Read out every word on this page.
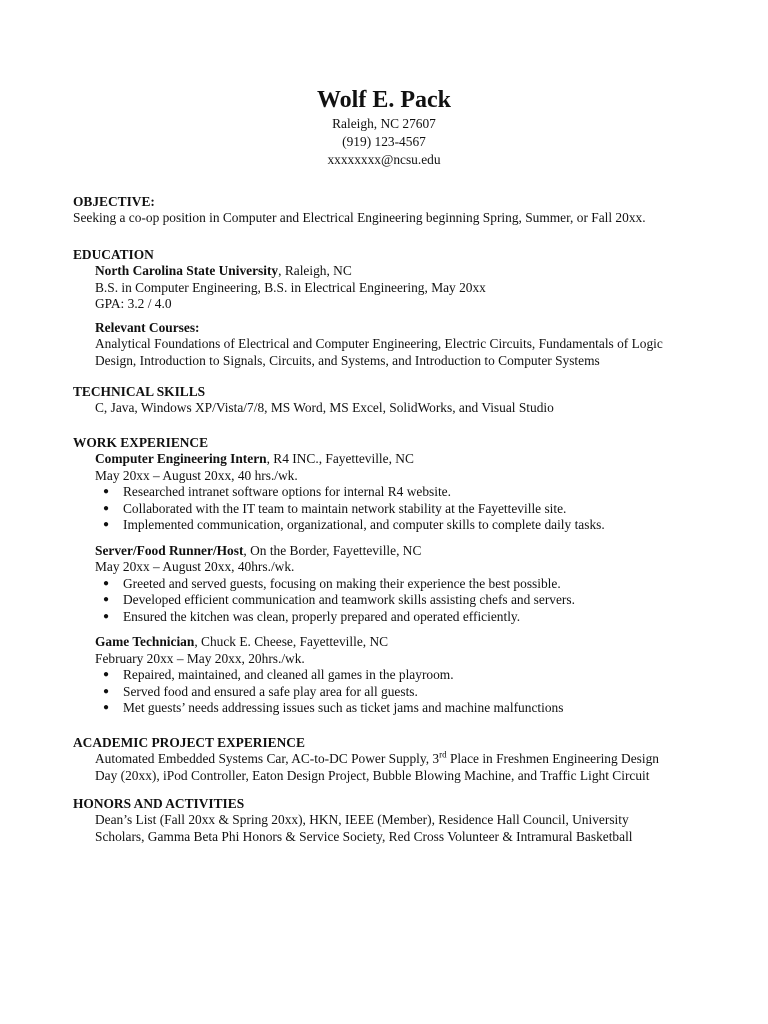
Wolf E. Pack
Raleigh, NC 27607
(919) 123-4567
xxxxxxxx@ncsu.edu
OBJECTIVE:
Seeking a co-op position in Computer and Electrical Engineering beginning Spring, Summer, or Fall 20xx.
EDUCATION
North Carolina State University, Raleigh, NC
B.S. in Computer Engineering, B.S. in Electrical Engineering, May 20xx
GPA: 3.2 / 4.0
Relevant Courses:
Analytical Foundations of Electrical and Computer Engineering, Electric Circuits, Fundamentals of Logic
Design, Introduction to Signals, Circuits, and Systems, and Introduction to Computer Systems
TECHNICAL SKILLS
C, Java, Windows XP/Vista/7/8, MS Word, MS Excel, SolidWorks, and Visual Studio
WORK EXPERIENCE
Computer Engineering Intern, R4 INC., Fayetteville, NC
May 20xx – August 20xx, 40 hrs./wk.
● Researched intranet software options for internal R4 website.
● Collaborated with the IT team to maintain network stability at the Fayetteville site.
● Implemented communication, organizational, and computer skills to complete daily tasks.
Server/Food Runner/Host, On the Border, Fayetteville, NC
May 20xx – August 20xx, 40hrs./wk.
● Greeted and served guests, focusing on making their experience the best possible.
● Developed efficient communication and teamwork skills assisting chefs and servers.
● Ensured the kitchen was clean, properly prepared and operated efficiently.
Game Technician, Chuck E. Cheese, Fayetteville, NC
February 20xx – May 20xx, 20hrs./wk.
● Repaired, maintained, and cleaned all games in the playroom.
● Served food and ensured a safe play area for all guests.
● Met guests’ needs addressing issues such as ticket jams and machine malfunctions
ACADEMIC PROJECT EXPERIENCE
Automated Embedded Systems Car, AC-to-DC Power Supply, 3rd Place in Freshmen Engineering Design
Day (20xx), iPod Controller, Eaton Design Project, Bubble Blowing Machine, and Traffic Light Circuit
HONORS AND ACTIVITIES
Dean’s List (Fall 20xx & Spring 20xx), HKN, IEEE (Member), Residence Hall Council, University
Scholars, Gamma Beta Phi Honors & Service Society, Red Cross Volunteer & Intramural Basketball
